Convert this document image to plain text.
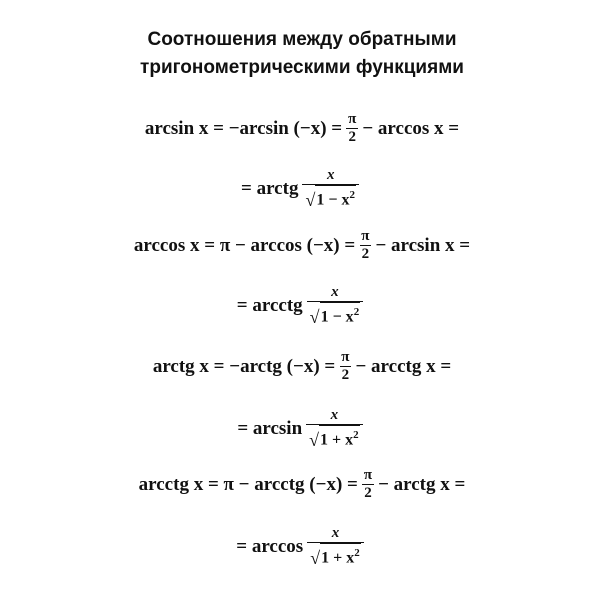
Соотношения между обратными
тригонометрическими функциями
arcsin x = −arcsin $(-x) = \frac{\pi}{2} - \arccos x$ =
= arctg $\frac{x}{√ 1 - x^2}$
$\arccos x = \pi - \arccos (-x) = \frac{\pi}{2} - \arcsin x$ =
= arcctg $\frac{x}{√ 1 - x^2}$
arctg x = −arctg $(-x) = \frac{\pi}{2}$ − arcctg x =
= $\arcsin \frac{x}{√ 1 + x^2}$
arcctg x = π − arcctg $(-x) = \frac{\pi}{2}$ − arctg x =
= $\arccos \frac{x}{√ 1 + x^2}$
